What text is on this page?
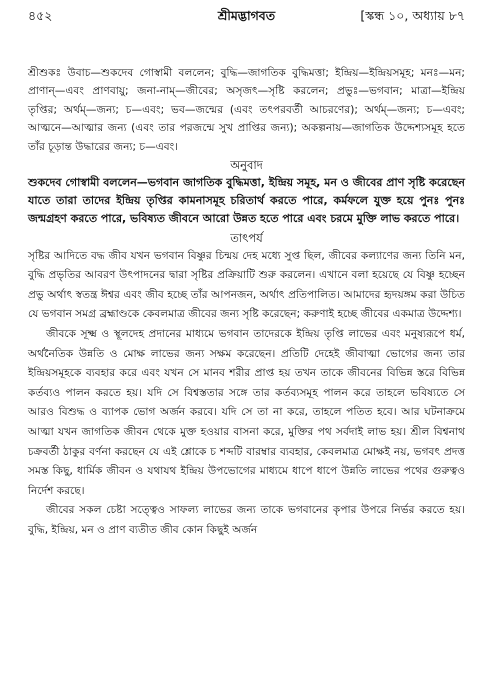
৪৫২	শ্রীমদ্ভাগবত	[স্কন্ধ ১০, অধ্যায় ৮৭

শ্রীশুকঃ উবাচ—শুকদেব গোস্বামী বললেন; বুদ্ধি—জাগতিক বুদ্ধিমত্তা; ইন্দ্রিয়—ইন্দ্রিয়সমূহ; মনঃ—মন; প্রাণান্—এবং প্রাণবায়ু; জনা-নাম্—জীবের; অসৃজৎ—সৃষ্টি করলেন; প্রভুঃ—ভগবান; মাত্রা—ইন্দ্রিয় তৃপ্তির; অর্থম্—জন্য; চ—এবং; ভব—জন্মের (এবং তৎপরবর্তী আচরণের); অর্থম্—জন্য; চ—এবং; আত্মনে—আত্মার জন্য (এবং তার পরজন্মে সুখ প্রাপ্তির জন্য); অকল্পনায়—জাগতিক উদ্দেশ্যসমূহ হতে তাঁর চূড়ান্ত উদ্ধারের জন্য; চ—এবং।

অনুবাদ

শুকদেব গোস্বামী বললেন—ভগবান জাগতিক বুদ্ধিমত্তা, ইন্দ্রিয় সমূহ, মন ও জীবের প্রাণ সৃষ্টি করেছেন যাতে তারা তাদের ইন্দ্রিয় তৃপ্তির কামনাসমূহ চরিতার্থ করতে পারে, কর্মফলে যুক্ত হয়ে পুনঃ পুনঃ জন্মগ্রহণ করতে পারে, ভবিষ্যত জীবনে আরো উন্নত হতে পারে এবং চরমে মুক্তি লাভ করতে পারে।

তাৎপর্য

সৃষ্টির আদিতে বদ্ধ জীব যখন ভগবান বিষ্ণুর চিন্ময় দেহ মধ্যে সুপ্ত ছিল, জীবের কল্যাণের জন্য তিনি মন, বুদ্ধি প্রভৃতির আবরণ উৎপাদনের দ্বারা সৃষ্টির প্রক্রিয়াটি শুরু করলেন। এখানে বলা হয়েছে যে বিষ্ণু হচ্ছেন প্রভু অর্থাৎ স্বতন্ত্র ঈশ্বর এবং জীব হচ্ছে তাঁর আপনজন, অর্থাৎ প্রতিপালিত। আমাদের হৃদয়ঙ্গম করা উচিত যে ভগবান সমগ্র ব্রহ্মাণ্ডকে কেবলমাত্র জীবের জন্য সৃষ্টি করেছেন; করুণাই হচ্ছে জীবের একমাত্র উদ্দেশ্য।

জীবকে সূক্ষ্ম ও স্থূলদেহ প্রদানের মাধ্যমে ভগবান তাদেরকে ইন্দ্রিয় তৃপ্তি লাভের এবং মনুষ্যরূপে ধর্ম, অর্থনৈতিক উন্নতি ও মোক্ষ লাভের জন্য সক্ষম করেছেন। প্রতিটি দেহেই জীবাত্মা ভোগের জন্য তার ইন্দ্রিয়সমূহকে ব্যবহার করে এবং যখন সে মানব শরীর প্রাপ্ত হয় তখন তাকে জীবনের বিভিন্ন স্তরে বিভিন্ন কর্তব্যও পালন করতে হয়। যদি সে বিশ্বস্ততার সঙ্গে তার কর্তব্যসমূহ পালন করে তাহলে ভবিষ্যতে সে আরও বিশুদ্ধ ও ব্যাপক ভোগ অর্জন করবে। যদি সে তা না করে, তাহলে পতিত হবে। আর ঘটনাক্রমে আত্মা যখন জাগতিক জীবন থেকে মুক্ত হওয়ার বাসনা করে, মুক্তির পথ সর্বদাই লাভ হয়। শ্রীল বিশ্বনাথ চক্রবর্তী ঠাকুর বর্ণনা করছেন যে এই শ্লোকে চ শব্দটি বারম্বার ব্যবহার, কেবলমাত্র মোক্ষই নয়, ভগবৎ প্রদত্ত সমস্ত কিছু, ধার্মিক জীবন ও যথাযথ ইন্দ্রিয় উপভোগের মাধ্যমে ধাপে ধাপে উন্নতি লাভের পথের গুরুত্বও নির্দেশ করছে।

জীবের সকল চেষ্টা সত্ত্বেও সাফল্য লাভের জন্য তাকে ভগবানের কৃপার উপরে নির্ভর করতে হয়। বুদ্ধি, ইন্দ্রিয়, মন ও প্রাণ ব্যতীত জীব কোন কিছুই অর্জন
